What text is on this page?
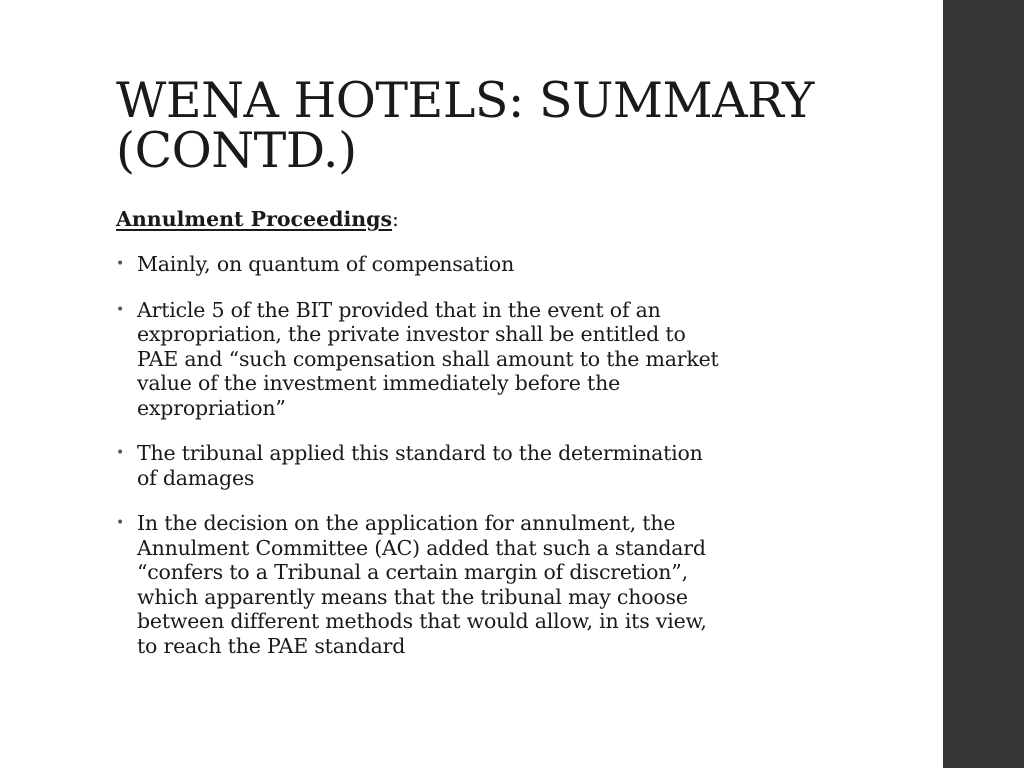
WENA HOTELS: SUMMARY
(CONTD.)

Annulment Proceedings:

• Mainly, on quantum of compensation
• Article 5 of the BIT provided that in the event of an
expropriation, the private investor shall be entitled to
PAE and “such compensation shall amount to the market
value of the investment immediately before the
expropriation”
• The tribunal applied this standard to the determination
of damages
• In the decision on the application for annulment, the
Annulment Committee (AC) added that such a standard
“confers to a Tribunal a certain margin of discretion”,
which apparently means that the tribunal may choose
between different methods that would allow, in its view,
to reach the PAE standard
